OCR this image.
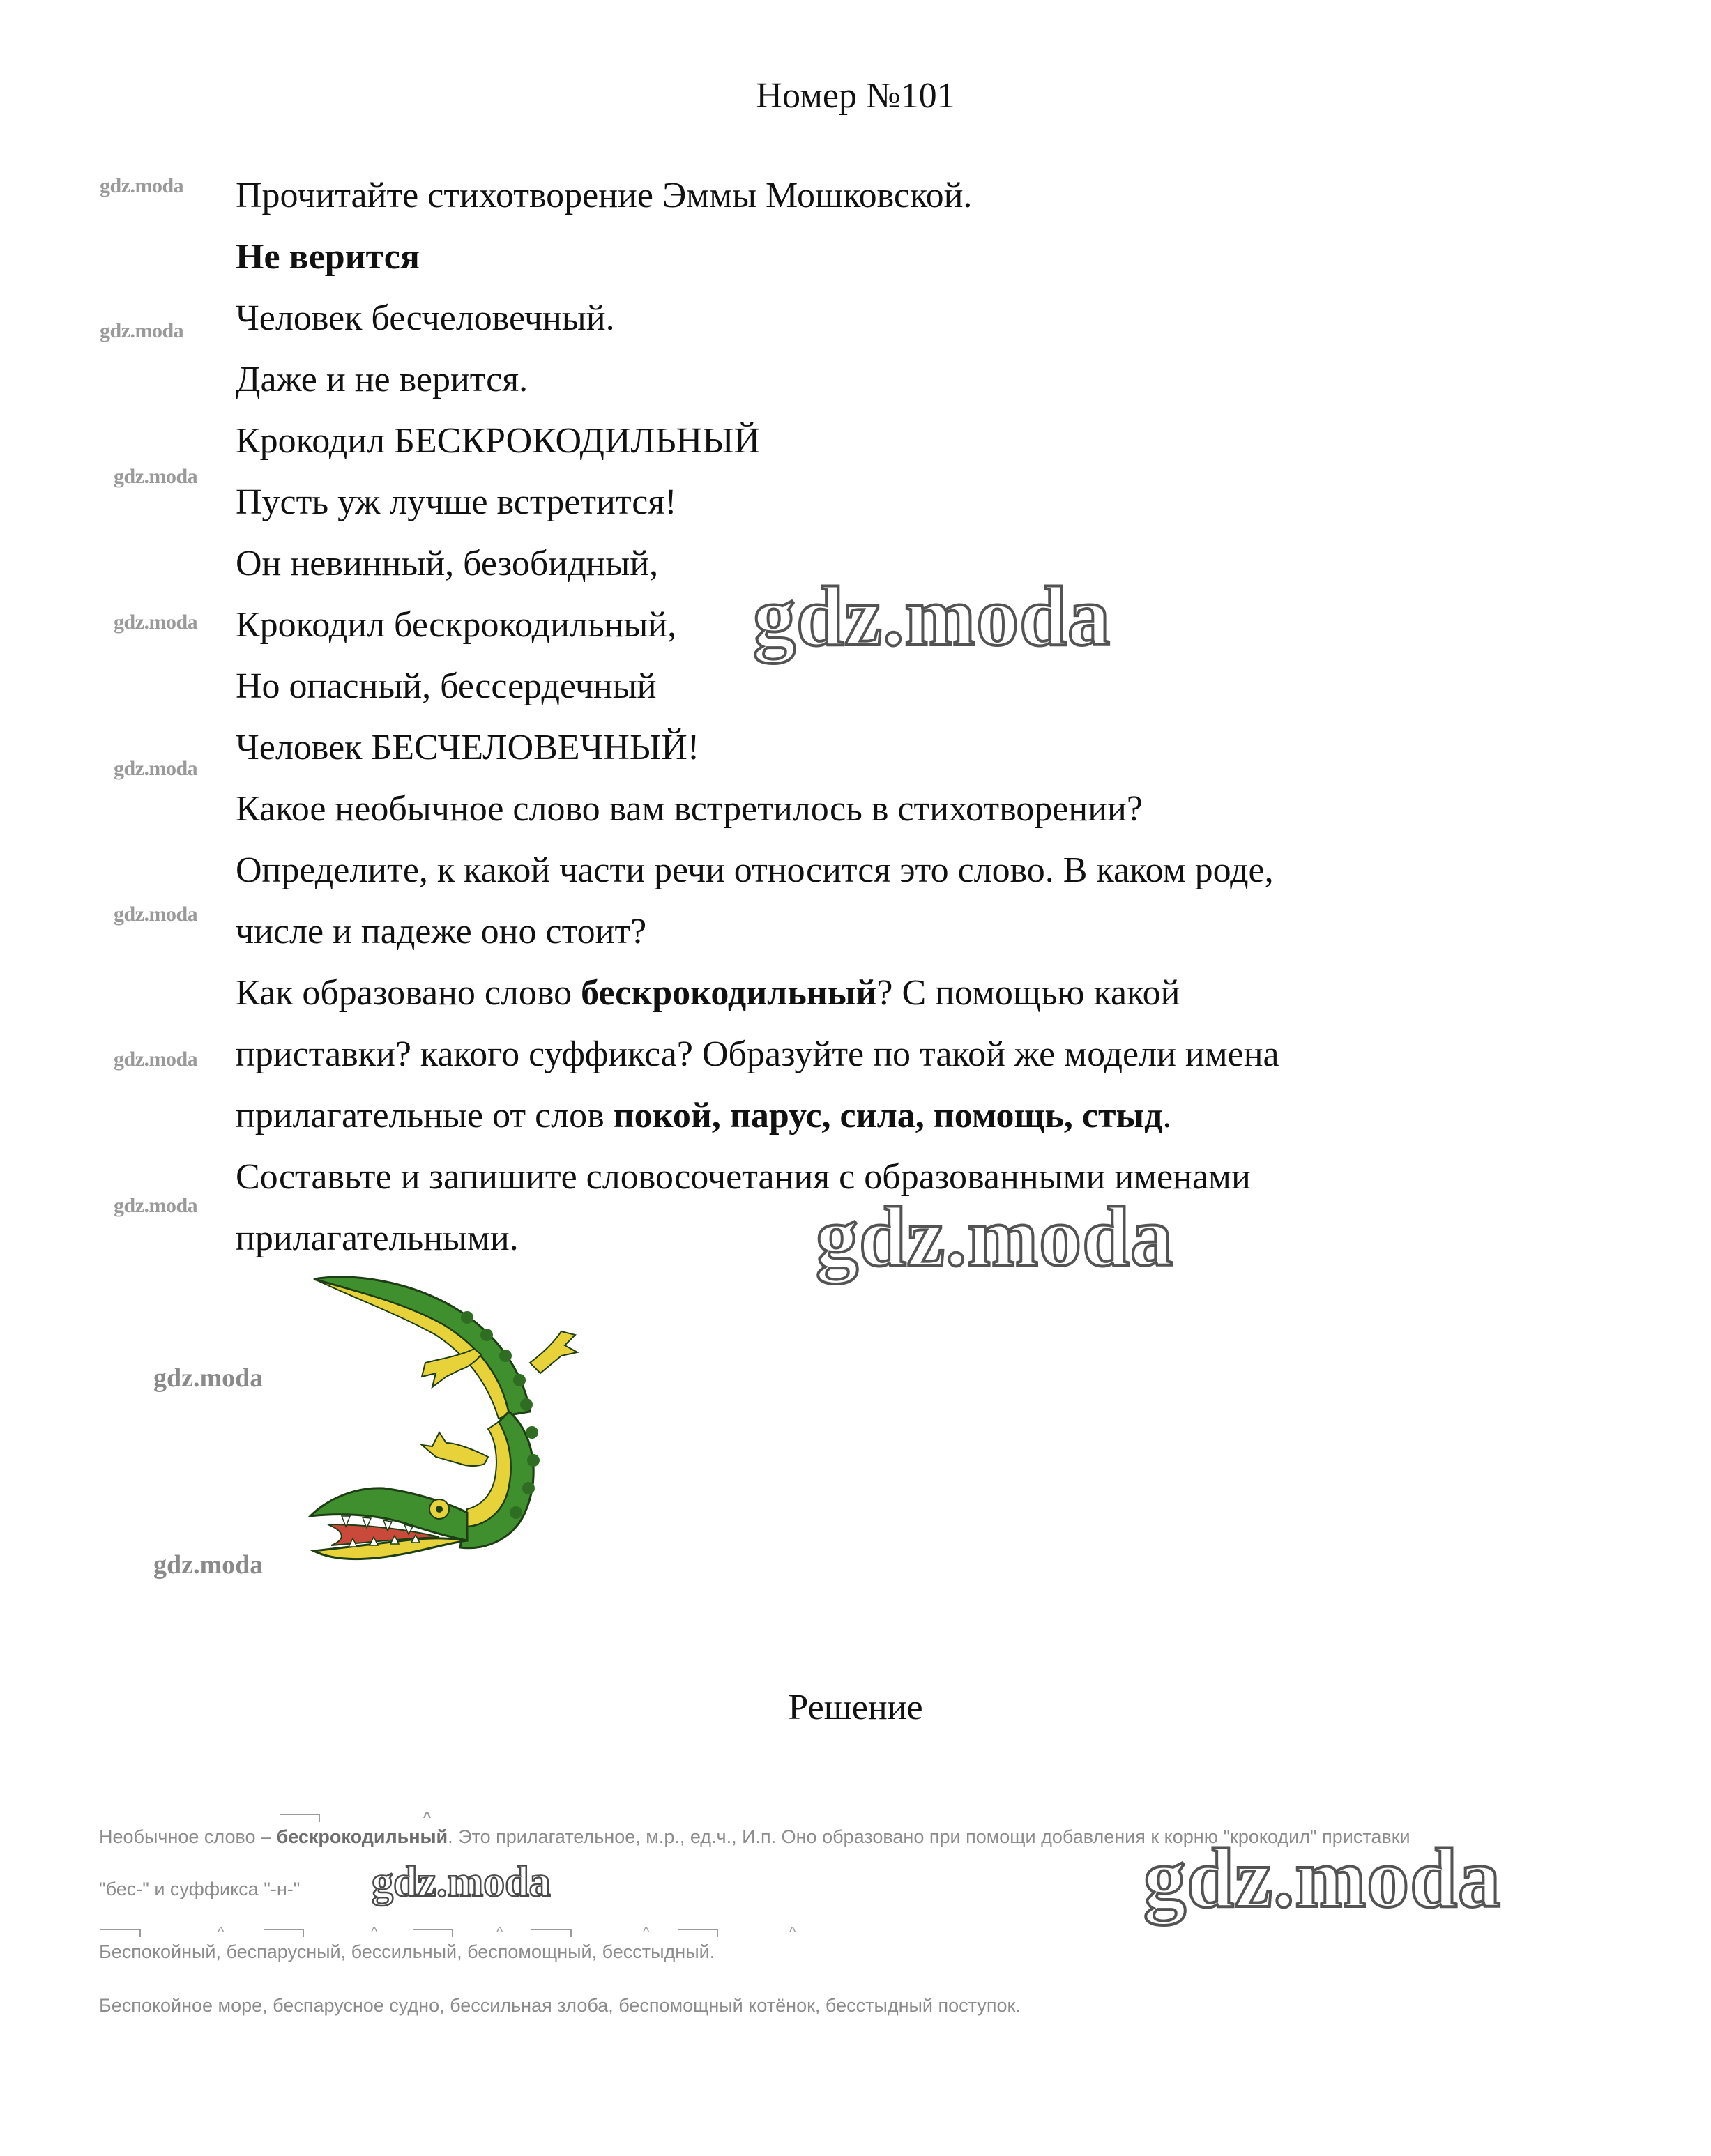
Номер №101
gdz.moda
gdz.moda
gdz.moda
gdz.moda
gdz.moda
gdz.moda
gdz.moda
gdz.moda
Прочитайте стихотворение Эммы Мошковской.
Не верится
Человек бесчеловечный.
Даже и не верится.
Крокодил БЕСКРОКОДИЛЬНЫЙ
Пусть уж лучше встретится!
Он невинный, безобидный,
Крокодил бескрокодильный,
Но опасный, бессердечный
Человек БЕСЧЕЛОВЕЧНЫЙ!
Какое необычное слово вам встретилось в стихотворении?
Определите, к какой части речи относится это слово. В каком роде,
числе и падеже оно стоит?
Как образовано слово бескрокодильный? С помощью какой
приставки? какого суффикса? Образуйте по такой же модели имена
прилагательные от слов покой, парус, сила, помощь, стыд.
Составьте и запишите словосочетания с образованными именами
прилагательными.
gdz.moda
gdz.moda
gdz.moda
gdz.moda
Решение
Необычное слово –
^
бескрокодильный. Это прилагательное, м.р., ед.ч., И.п. Оно образовано при помощи добавления к корню "крокодил" приставки
"бес-" и суффикса "-н-" gdz.moda
^	^	^	^	^
Беспокойный, беспарусный, бессильный, беспомощный, бесстыдный.
Беспокойное море, беспарусное судно, бессильная злоба, беспомощный котёнок, бесстыдный поступок.
gdz.moda
